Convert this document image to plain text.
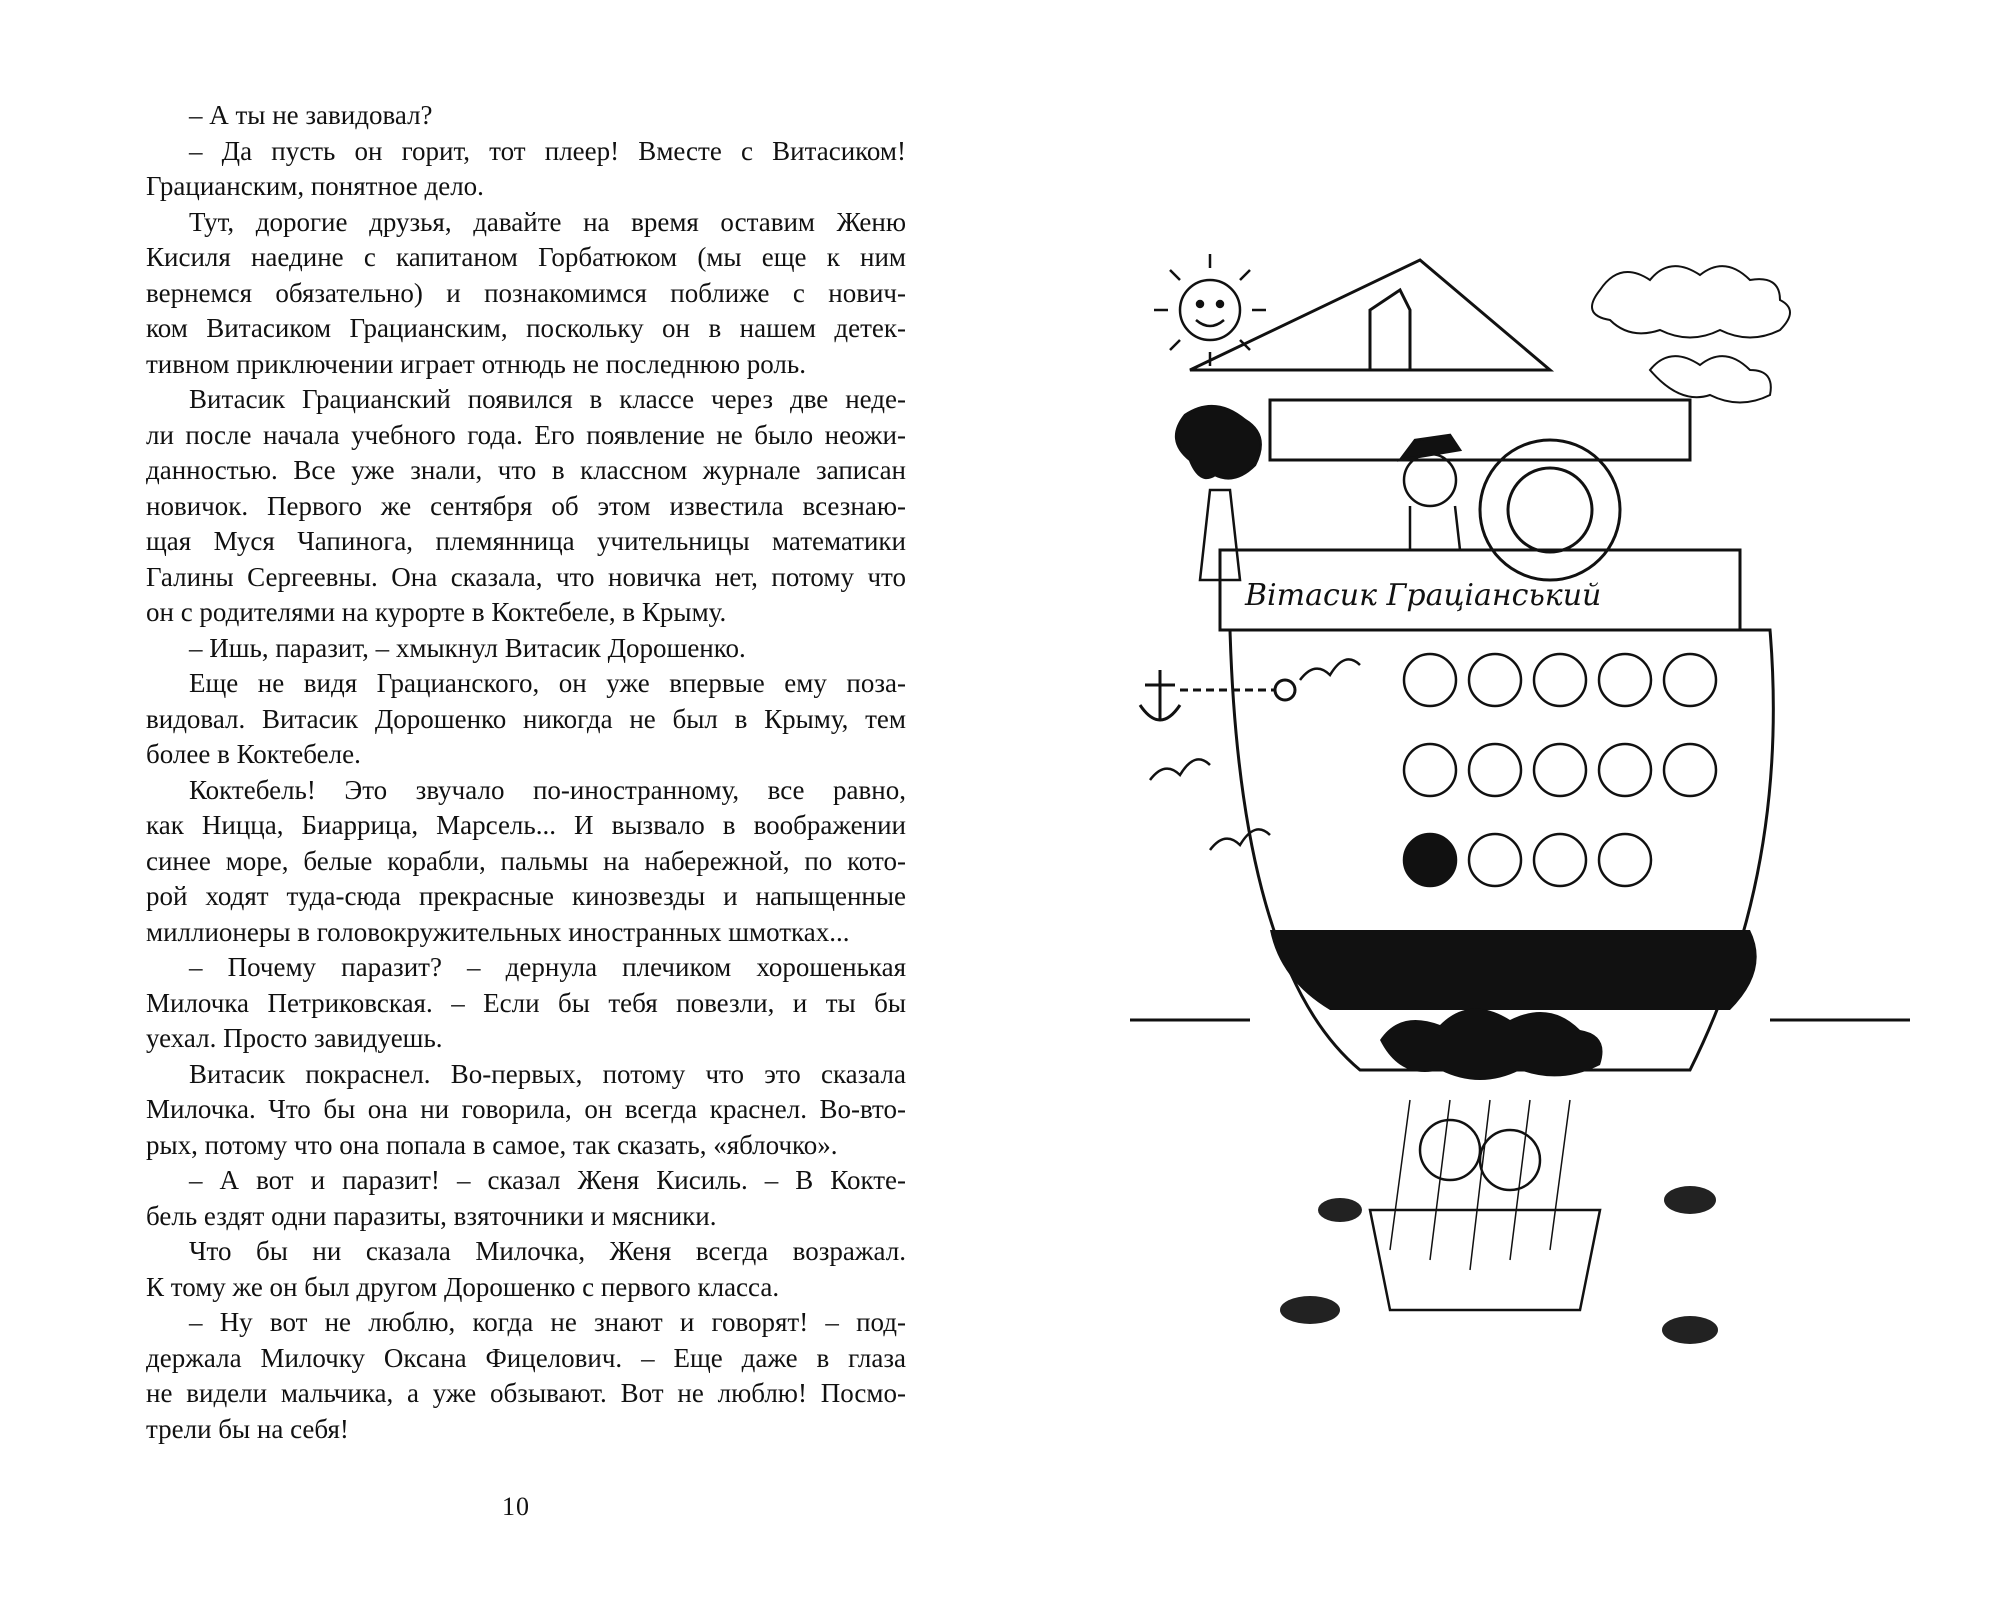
– А ты не завидовал?
– Да пусть он горит, тот плеер! Вместе с Витасиком!
Грацианским, понятное дело.
Тут, дорогие друзья, давайте на время оставим Женю
Кисиля наедине с капитаном Горбатюком (мы еще к ним
вернемся обязательно) и познакомимся поближе с нович-
ком Витасиком Грацианским, поскольку он в нашем детек-
тивном приключении играет отнюдь не последнюю роль.
Витасик Грацианский появился в классе через две неде-
ли после начала учебного года. Его появление не было неожи-
данностью. Все уже знали, что в классном журнале записан
новичок. Первого же сентября об этом известила всезнаю-
щая Муся Чапинога, племянница учительницы математики
Галины Сергеевны. Она сказала, что новичка нет, потому что
он с родителями на курорте в Коктебеле, в Крыму.
– Ишь, паразит, – хмыкнул Витасик Дорошенко.
Еще не видя Грацианского, он уже впервые ему поза-
видовал. Витасик Дорошенко никогда не был в Крыму, тем
более в Коктебеле.
Коктебель! Это звучало по-иностранному, все равно,
как Ницца, Биаррица, Марсель... И вызвало в воображении
синее море, белые корабли, пальмы на набережной, по кото-
рой ходят туда-сюда прекрасные кинозвезды и напыщенные
миллионеры в головокружительных иностранных шмотках...
– Почему паразит? – дернула плечиком хорошенькая
Милочка Петриковская. – Если бы тебя повезли, и ты бы
уехал. Просто завидуешь.
Витасик покраснел. Во-первых, потому что это сказала
Милочка. Что бы она ни говорила, он всегда краснел. Во-вто-
рых, потому что она попала в самое, так сказать, «яблочко».
– А вот и паразит! – сказал Женя Кисиль. – В Коктe-
бель ездят одни паразиты, взяточники и мясники.
Что бы ни сказала Милочка, Женя всегда возражал.
К тому же он был другом Дорошенко с первого класса.
– Ну вот не люблю, когда не знают и говорят! – под-
держала Милочку Оксана Фицелович. – Еще даже в глаза
не видели мальчика, а уже обзывают. Вот не люблю! Посмо-
трели бы на себя!
10
Вітасик Грацiанський
